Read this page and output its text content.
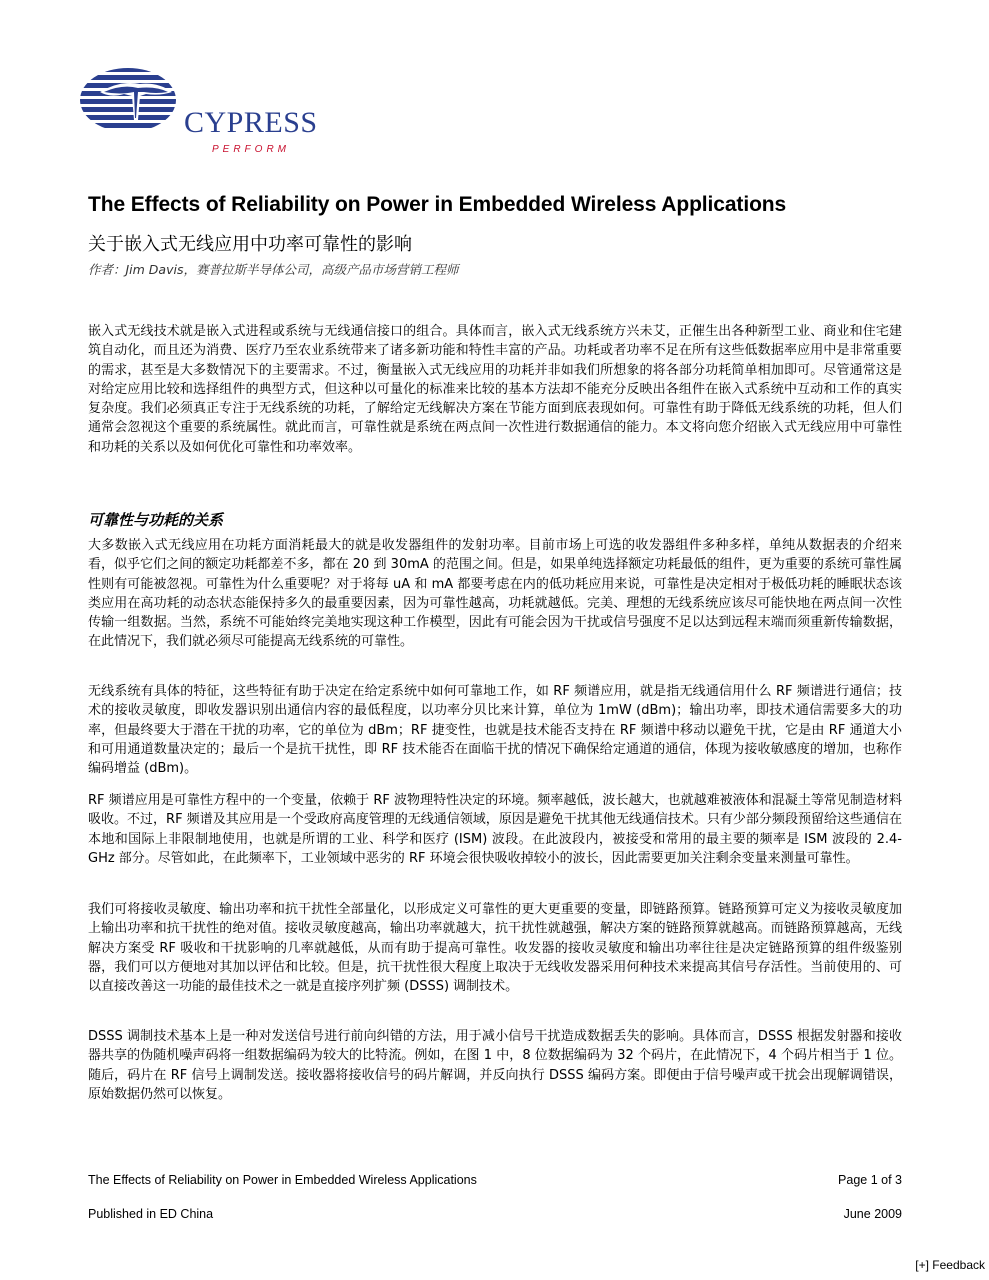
CYPRESS
PERFORM
The Effects of Reliability on Power in Embedded Wireless Applications
关于嵌入式无线应用中功率可靠性的影响
作者：Jim Davis，赛普拉斯半导体公司，高级产品市场营销工程师
嵌入式无线技术就是嵌入式进程或系统与无线通信接口的组合。具体而言，嵌入式无线系统方兴未艾，正催生出各种新型工业、商业和住宅建筑自动化，而且还为消费、医疗乃至农业系统带来了诸多新功能和特性丰富的产品。功耗或者功率不足在所有这些低数据率应用中是非常重要的需求，甚至是大多数情况下的主要需求。不过，衡量嵌入式无线应用的功耗并非如我们所想象的将各部分功耗简单相加即可。尽管通常这是对给定应用比较和选择组件的典型方式，但这种以可量化的标准来比较的基本方法却不能充分反映出各组件在嵌入式系统中互动和工作的真实复杂度。我们必须真正专注于无线系统的功耗，了解给定无线解决方案在节能方面到底表现如何。可靠性有助于降低无线系统的功耗，但人们通常会忽视这个重要的系统属性。就此而言，可靠性就是系统在两点间一次性进行数据通信的能力。本文将向您介绍嵌入式无线应用中可靠性和功耗的关系以及如何优化可靠性和功率效率。
可靠性与功耗的关系
大多数嵌入式无线应用在功耗方面消耗最大的就是收发器组件的发射功率。目前市场上可选的收发器组件多种多样，单纯从数据表的介绍来看，似乎它们之间的额定功耗都差不多，都在 20 到 30mA 的范围之间。但是，如果单纯选择额定功耗最低的组件，更为重要的系统可靠性属性则有可能被忽视。可靠性为什么重要呢？对于将每 uA 和 mA 都要考虑在内的低功耗应用来说，可靠性是决定相对于极低功耗的睡眠状态该类应用在高功耗的动态状态能保持多久的最重要因素，因为可靠性越高，功耗就越低。完美、理想的无线系统应该尽可能快地在两点间一次性传输一组数据。当然，系统不可能始终完美地实现这种工作模型，因此有可能会因为干扰或信号强度不足以达到远程末端而须重新传输数据，在此情况下，我们就必须尽可能提高无线系统的可靠性。
无线系统有具体的特征，这些特征有助于决定在给定系统中如何可靠地工作，如 RF 频谱应用，就是指无线通信用什么 RF 频谱进行通信；技术的接收灵敏度，即收发器识别出通信内容的最低程度，以功率分贝比来计算，单位为 1mW (dBm)；输出功率，即技术通信需要多大的功率，但最终要大于潜在干扰的功率，它的单位为 dBm；RF 捷变性，也就是技术能否支持在 RF 频谱中移动以避免干扰，它是由 RF 通道大小和可用通道数量决定的；最后一个是抗干扰性，即 RF 技术能否在面临干扰的情况下确保给定通道的通信，体现为接收敏感度的增加，也称作编码增益 (dBm)。
RF 频谱应用是可靠性方程中的一个变量，依赖于 RF 波物理特性决定的环境。频率越低，波长越大，也就越难被液体和混凝土等常见制造材料吸收。不过，RF 频谱及其应用是一个受政府高度管理的无线通信领域，原因是避免干扰其他无线通信技术。只有少部分频段预留给这些通信在本地和国际上非限制地使用，也就是所谓的工业、科学和医疗 (ISM) 波段。在此波段内，被接受和常用的最主要的频率是 ISM 波段的 2.4-GHz 部分。尽管如此，在此频率下，工业领域中恶劣的 RF 环境会很快吸收掉较小的波长，因此需要更加关注剩余变量来测量可靠性。
我们可将接收灵敏度、输出功率和抗干扰性全部量化，以形成定义可靠性的更大更重要的变量，即链路预算。链路预算可定义为接收灵敏度加上输出功率和抗干扰性的绝对值。接收灵敏度越高，输出功率就越大，抗干扰性就越强，解决方案的链路预算就越高。而链路预算越高，无线解决方案受 RF 吸收和干扰影响的几率就越低，从而有助于提高可靠性。收发器的接收灵敏度和输出功率往往是决定链路预算的组件级鉴别器，我们可以方便地对其加以评估和比较。但是，抗干扰性很大程度上取决于无线收发器采用何种技术来提高其信号存活性。当前使用的、可以直接改善这一功能的最佳技术之一就是直接序列扩频 (DSSS) 调制技术。
DSSS 调制技术基本上是一种对发送信号进行前向纠错的方法，用于减小信号干扰造成数据丢失的影响。具体而言，DSSS 根据发射器和接收器共享的伪随机噪声码将一组数据编码为较大的比特流。例如，在图 1 中，8 位数据编码为 32 个码片，在此情况下，4 个码片相当于 1 位。随后，码片在 RF 信号上调制发送。接收器将接收信号的码片解调，并反向执行 DSSS 编码方案。即便由于信号噪声或干扰会出现解调错误，原始数据仍然可以恢复。
The Effects of Reliability on Power in Embedded Wireless Applications	Page 1 of 3
Published in ED China	June 2009
[+] Feedback
